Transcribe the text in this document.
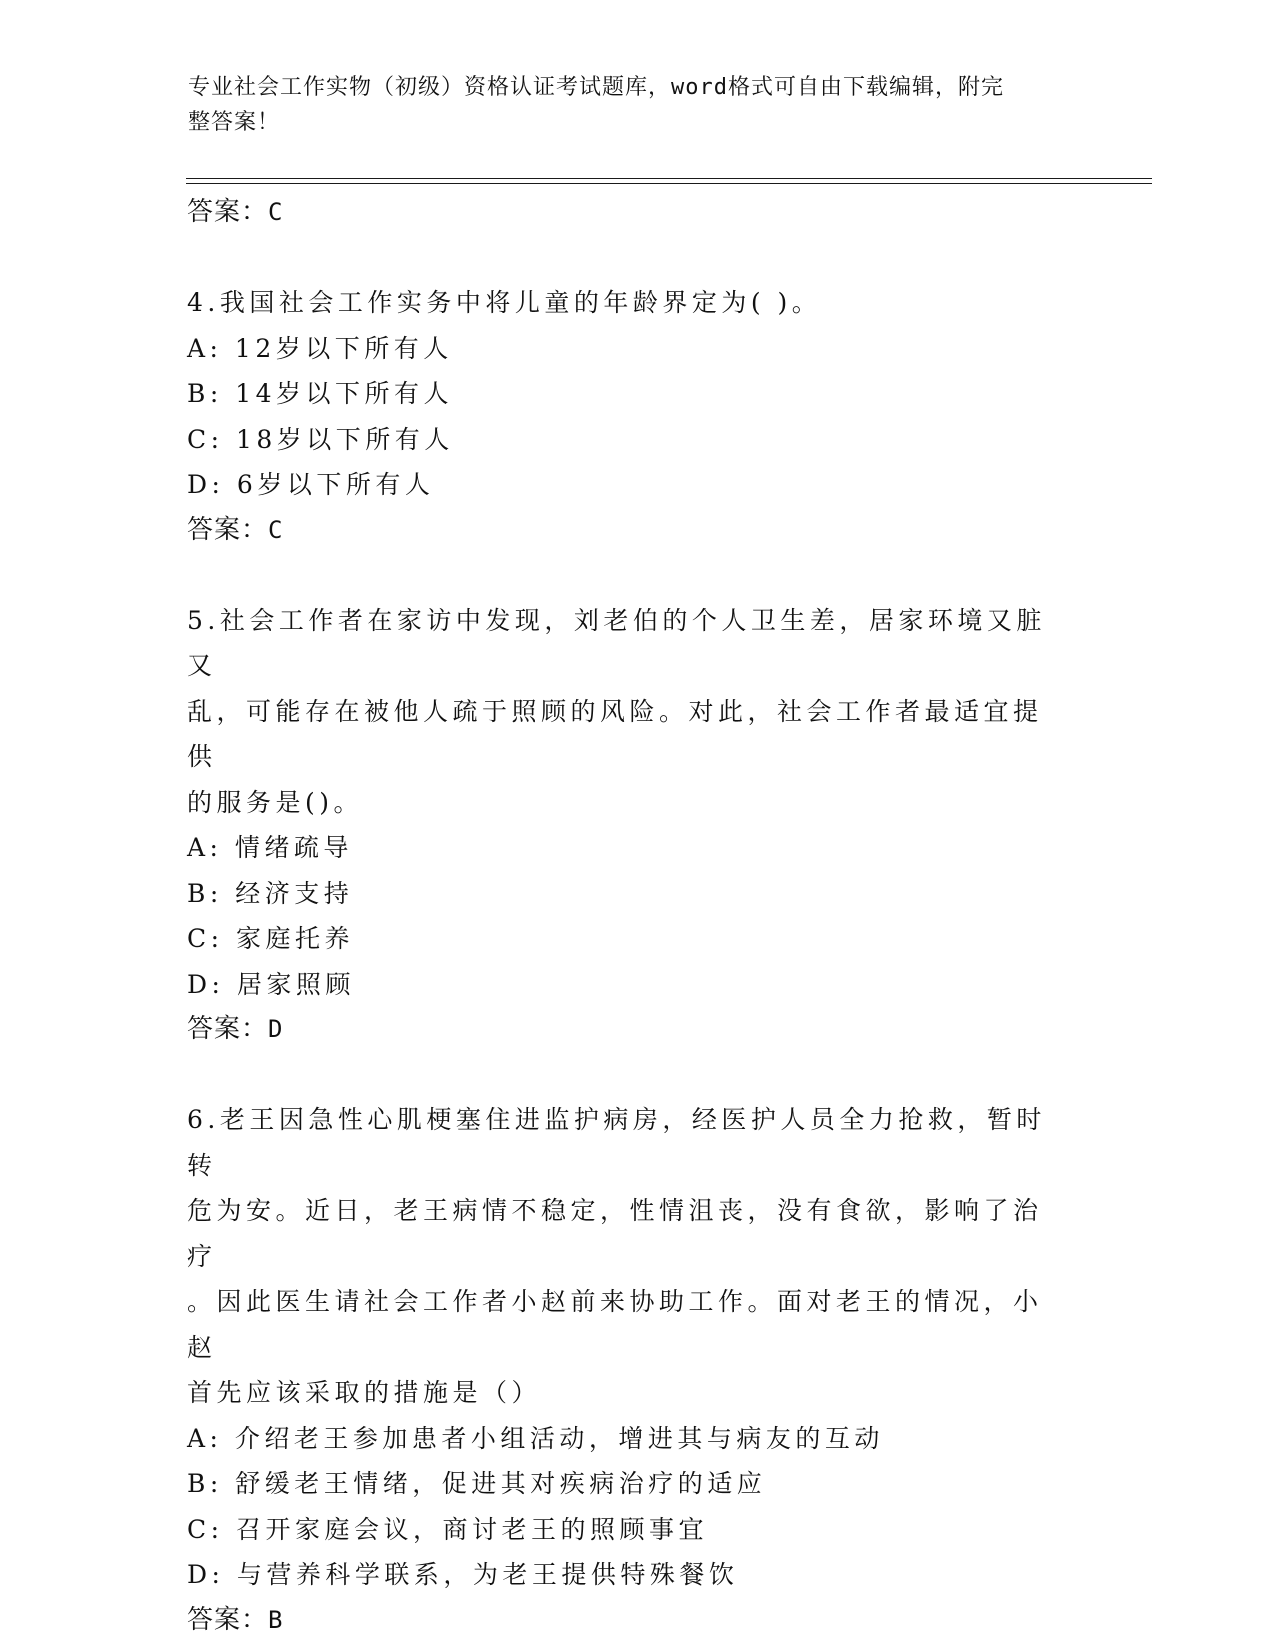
专业社会工作实物（初级）资格认证考试题库，word格式可自由下载编辑，附完
整答案！
答案：C
4.我国社会工作实务中将儿童的年龄界定为( )。
A: 12岁以下所有人
B: 14岁以下所有人
C: 18岁以下所有人
D: 6岁以下所有人
答案：C
5.社会工作者在家访中发现，刘老伯的个人卫生差，居家环境又脏又
乱，可能存在被他人疏于照顾的风险。对此，社会工作者最适宜提供
的服务是()。
A: 情绪疏导
B: 经济支持
C: 家庭托养
D: 居家照顾
答案：D
6.老王因急性心肌梗塞住进监护病房，经医护人员全力抢救，暂时转
危为安。近日，老王病情不稳定，性情沮丧，没有食欲，影响了治疗
。因此医生请社会工作者小赵前来协助工作。面对老王的情况，小赵
首先应该采取的措施是（）
A: 介绍老王参加患者小组活动，增进其与病友的互动
B: 舒缓老王情绪，促进其对疾病治疗的适应
C: 召开家庭会议，商讨老王的照顾事宜
D: 与营养科学联系，为老王提供特殊餐饮
答案：B
